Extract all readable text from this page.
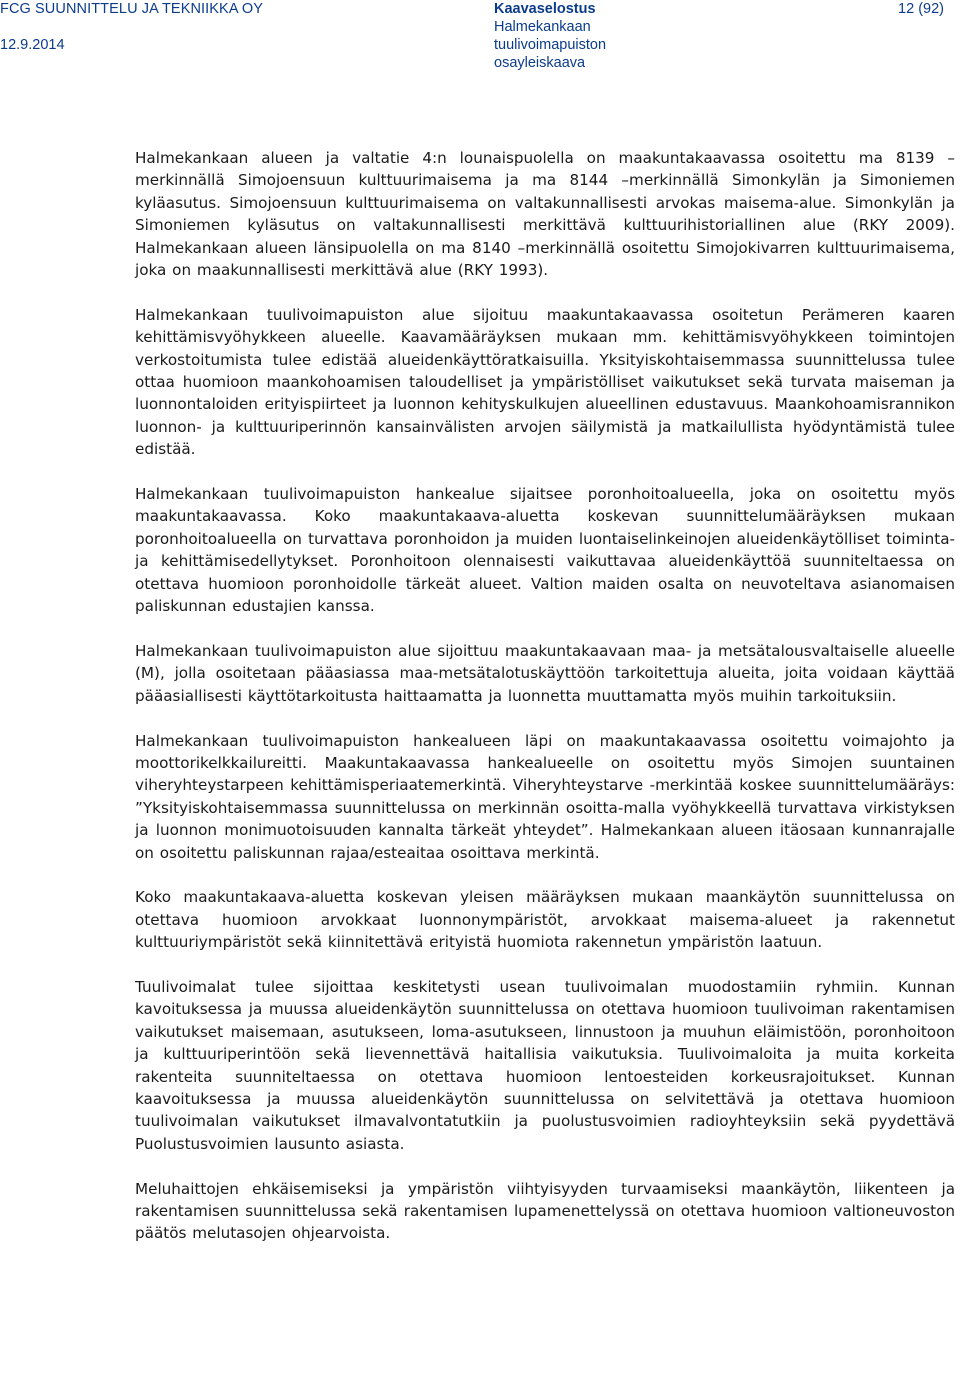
FCG SUUNNITTELU JA TEKNIIKKA OY
12.9.2014
Kaavaselostus
Halmekankaan
tuulivoimapuiston
osayleiskaava
12 (92)

Halmekankaan alueen ja valtatie 4:n lounaispuolella on maakuntakaavassa osoitettu ma 8139 –merkinnällä Simojoensuun kulttuurimaisema ja ma 8144 –merkinnällä Simonkylän ja Simoniemen kyläasutus. Simojoensuun kulttuurimaisema on valtakunnallisesti arvokas maisema-alue. Simonkylän ja Simoniemen kyläsutus on valtakunnallisesti merkittävä kulttuurihistoriallinen alue (RKY 2009). Halmekankaan alueen länsipuolella on ma 8140 –merkinnällä osoitettu Simojokivarren kulttuurimaisema, joka on maakunnallisesti merkittävä alue (RKY 1993).

Halmekankaan tuulivoimapuiston alue sijoituu maakuntakaavassa osoitetun Perämeren kaaren kehittämisvyöhykkeen alueelle. Kaavamääräyksen mukaan mm. kehittämisvyöhykkeen toimintojen verkostoitumista tulee edistää alueidenkäyttöratkaisuilla. Yksityiskohtaisemmassa suunnittelussa tulee ottaa huomioon maankohoamisen taloudelliset ja ympäristölliset vaikutukset sekä turvata maiseman ja luonnontaloiden erityispiirteet ja luonnon kehityskulkujen alueellinen edustavuus. Maankohoamisrannikon luonnon- ja kulttuuriperinnön kansainvälisten arvojen säilymistä ja matkailullista hyödyntämistä tulee edistää.

Halmekankaan tuulivoimapuiston hankealue sijaitsee poronhoitoalueella, joka on osoitettu myös maakuntakaavassa. Koko maakuntakaava-aluetta koskevan suunnittelumääräyksen mukaan poronhoitoalueella on turvattava poronhoidon ja muiden luontaiselinkeinojen alueidenkäytölliset toiminta- ja kehittämisedellytykset. Poronhoitoon olennaisesti vaikuttavaa alueidenkäyttöä suunniteltaessa on otettava huomioon poronhoidolle tärkeät alueet. Valtion maiden osalta on neuvoteltava asianomaisen paliskunnan edustajien kanssa.

Halmekankaan tuulivoimapuiston alue sijoittuu maakuntakaavaan maa- ja metsätalousvaltaiselle alueelle (M), jolla osoitetaan pääasiassa maa-metsätalotuskäyttöön tarkoitettuja alueita, joita voidaan käyttää pääasiallisesti käyttötarkoitusta haittaamatta ja luonnetta muuttamatta myös muihin tarkoituksiin.

Halmekankaan tuulivoimapuiston hankealueen läpi on maakuntakaavassa osoitettu voimajohto ja moottorikelkkailureitti. Maakuntakaavassa hankealueelle on osoitettu myös Simojen suuntainen viheryhteystarpeen kehittämisperiaatemerkintä. Viheryhteystarve -merkintää koskee suunnittelumääräys: ”Yksityiskohtaisemmassa suunnittelussa on merkinnän osoitta-malla vyöhykkeellä turvattava virkistyksen ja luonnon monimuotoisuuden kannalta tärkeät yhteydet”. Halmekankaan alueen itäosaan kunnanrajalle on osoitettu paliskunnan rajaa/esteaitaa osoittava merkintä.

Koko maakuntakaava-aluetta koskevan yleisen määräyksen mukaan maankäytön suunnittelussa on otettava huomioon arvokkaat luonnonympäristöt, arvokkaat maisema-alueet ja rakennetut kulttuuriympäristöt sekä kiinnitettävä erityistä huomiota rakennetun ympäristön laatuun.

Tuulivoimalat tulee sijoittaa keskitetysti usean tuulivoimalan muodostamiin ryhmiin. Kunnan kavoituksessa ja muussa alueidenkäytön suunnittelussa on otettava huomioon tuulivoiman rakentamisen vaikutukset maisemaan, asutukseen, loma-asutukseen, linnustoon ja muuhun eläimistöön, poronhoitoon ja kulttuuriperintöön sekä lievennettävä haitallisia vaikutuksia. Tuulivoimaloita ja muita korkeita rakenteita suunniteltaessa on otettava huomioon lentoesteiden korkeusrajoitukset. Kunnan kaavoituksessa ja muussa alueidenkäytön suunnittelussa on selvitettävä ja otettava huomioon tuulivoimalan vaikutukset ilmavalvontatutkiin ja puolustusvoimien radioyhteyksiin sekä pyydettävä Puolustusvoimien lausunto asiasta.

Meluhaittojen ehkäisemiseksi ja ympäristön viihtyisyyden turvaamiseksi maankäytön, liikenteen ja rakentamisen suunnittelussa sekä rakentamisen lupamenettelyssä on otettava huomioon valtioneuvoston päätös melutasojen ohjearvoista.
